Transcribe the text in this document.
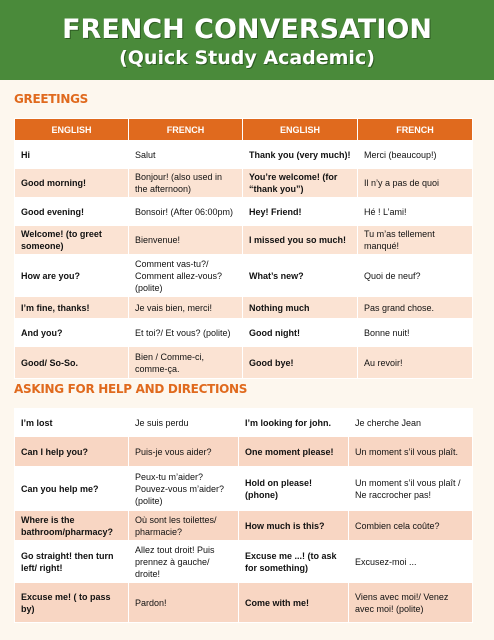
FRENCH CONVERSATION
(Quick Study Academic)
GREETINGS
ENGLISH	FRENCH	ENGLISH	FRENCH
Hi	Salut	Thank you (very much)!	Merci (beaucoup!)
Good morning!	Bonjour! (also used in the afternoon)	You’re welcome! (for “thank you”)	Il n’y a pas de quoi
Good evening!	Bonsoir! (After 06:00pm)	Hey! Friend!	Hé ! L’ami!
Welcome! (to greet someone)	Bienvenue!	I missed you so much!	Tu m’as tellement manqué!
How are you?	Comment vas-tu?/ Comment allez-vous? (polite)	What’s new?	Quoi de neuf?
I’m fine, thanks!	Je vais bien, merci!	Nothing much	Pas grand chose.
And you?	Et toi?/ Et vous? (polite)	Good night!	Bonne nuit!
Good/ So-So.	Bien / Comme-ci, comme-ça.	Good bye!	Au revoir!
ASKING FOR HELP AND DIRECTIONS
I’m lost	Je suis perdu	I’m looking for john.	Je cherche Jean
Can I help you?	Puis-je vous aider?	One moment please!	Un moment s’il vous plaît.
Can you help me?	Peux-tu m’aider? Pouvez-vous m’aider? (polite)	Hold on please! (phone)	Un moment s’il vous plaît / Ne raccrocher pas!
Where is the bathroom/pharmacy?	Où sont les toilettes/ pharmacie?	How much is this?	Combien cela coûte?
Go straight! then turn left/ right!	Allez tout droit! Puis prennez à gauche/ droite!	Excuse me ...! (to ask for something)	Excusez-moi ...
Excuse me! ( to pass by)	Pardon!	Come with me!	Viens avec moi!/ Venez avec moi! (polite)
